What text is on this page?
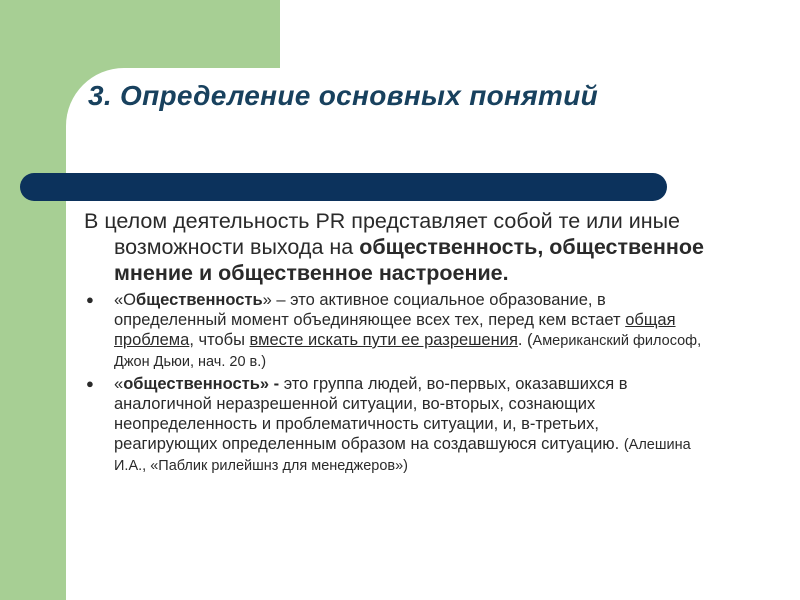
3. Определение основных понятий

В целом деятельность PR представляет собой те или иные возможности выхода на общественность, общественное мнение и общественное настроение.

● «Общественность» – это активное социальное образование, в определенный момент объединяющее всех тех, перед кем встает общая проблема, чтобы вместе искать пути ее разрешения. (Американский философ, Джон Дьюи, нач. 20 в.)
● «общественность» - это группа людей, во-первых, оказавшихся в аналогичной неразрешенной ситуации, во-вторых, сознающих неопределенность и проблематичность ситуации, и, в-третьих, реагирующих определенным образом на создавшуюся ситуацию. (Алешина И.А., «Паблик рилейшнз для менеджеров»)
